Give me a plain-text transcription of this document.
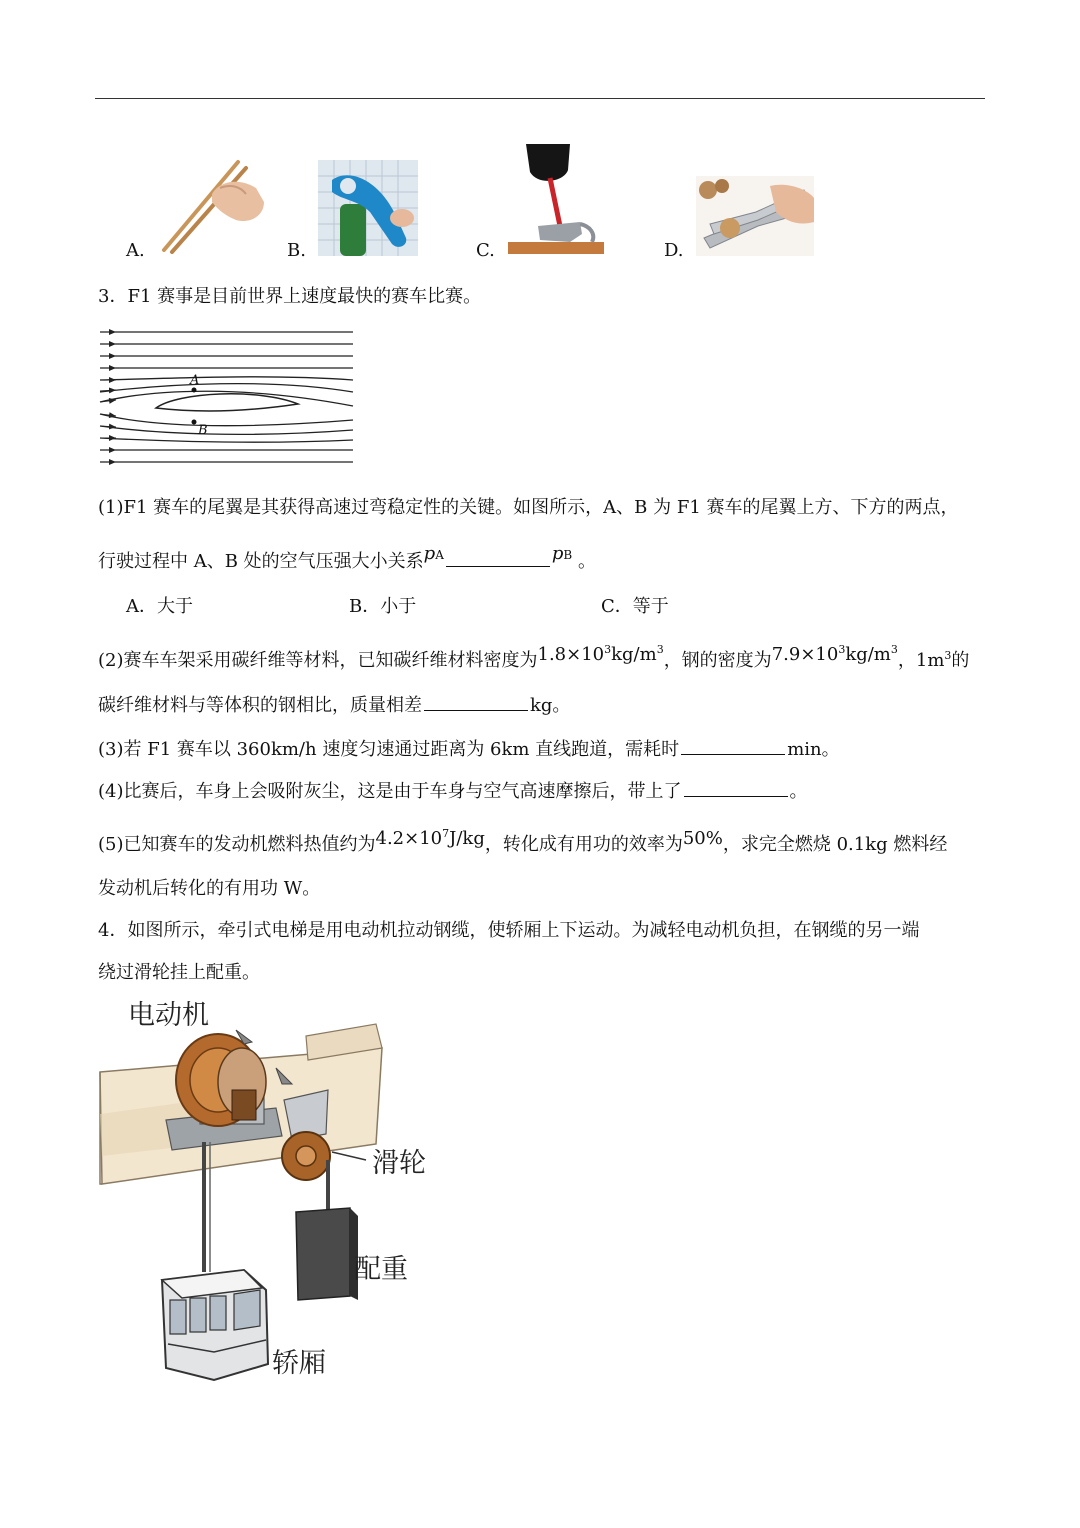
A.	B.	C.	D.
3．F1 赛事是目前世界上速度最快的赛车比赛。
A
B
(1)F1 赛车的尾翼是其获得高速过弯稳定性的关键。如图所示，A、B 为 F1 赛车的尾翼上方、下方的两点，
行驶过程中 A、B 处的空气压强大小关系pA	pB 。
A．大于	B．小于	C．等于
(2)赛车车架采用碳纤维等材料，已知碳纤维材料密度为$1.8\times 10^3kg/m^3$，钢的密度为$7.9\times 10^3kg/m^3$，$1m^3$的
碳纤维材料与等体积的钢相比，质量相差	kg。
(3)若 F1 赛车以 360km/h 速度匀速通过距离为 6km 直线跑道，需耗时	min。
(4)比赛后，车身上会吸附灰尘，这是由于车身与空气高速摩擦后，带上了	。
(5)已知赛车的发动机燃料热值约为$4.2\times 10^7J/kg$，转化成有用功的效率为50%，求完全燃烧 0.1kg 燃料经
发动机后转化的有用功 W。
4．如图所示，牵引式电梯是用电动机拉动钢缆，使轿厢上下运动。为减轻电动机负担，在钢缆的另一端
绕过滑轮挂上配重。
电动机
滑轮
配重
轿厢
